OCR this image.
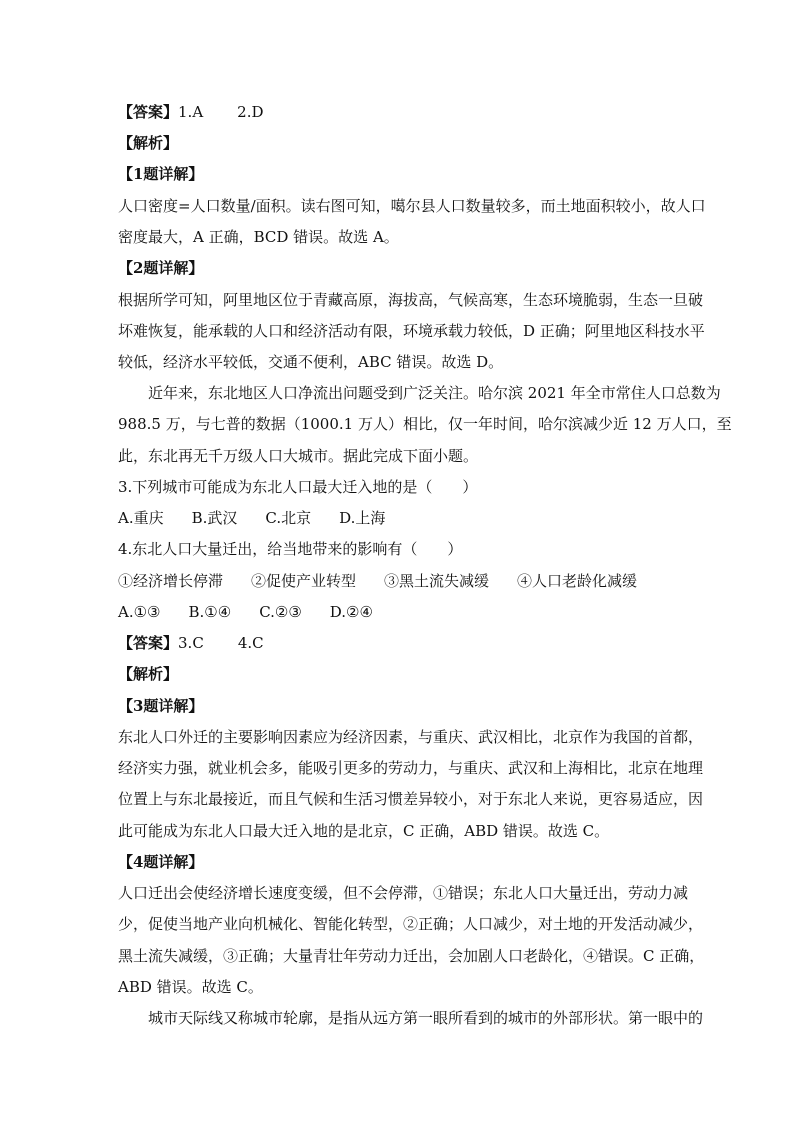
【答案】1.A 2.D
【解析】
【1题详解】
人口密度=人口数量/面积。读右图可知，噶尔县人口数量较多，而土地面积较小，故人口
密度最大，A 正确，BCD 错误。故选 A。
【2题详解】
根据所学可知，阿里地区位于青藏高原，海拔高，气候高寒，生态环境脆弱，生态一旦破
坏难恢复，能承载的人口和经济活动有限，环境承载力较低，D 正确；阿里地区科技水平
较低，经济水平较低，交通不便利，ABC 错误。故选 D。
近年来，东北地区人口净流出问题受到广泛关注。哈尔滨 2021 年全市常住人口总数为
988.5 万，与七普的数据（1000.1 万人）相比，仅一年时间，哈尔滨减少近 12 万人口，至
此，东北再无千万级人口大城市。据此完成下面小题。
3.下列城市可能成为东北人口最大迁入地的是（　　）
A.重庆 B.武汉 C.北京 D.上海
4.东北人口大量迁出，给当地带来的影响有（　　）
①经济增长停滞 ②促使产业转型 ③黑土流失减缓 ④人口老龄化减缓
A.①③ B.①④ C.②③ D.②④
【答案】3.C 4.C
【解析】
【3题详解】
东北人口外迁的主要影响因素应为经济因素，与重庆、武汉相比，北京作为我国的首都，
经济实力强，就业机会多，能吸引更多的劳动力，与重庆、武汉和上海相比，北京在地理
位置上与东北最接近，而且气候和生活习惯差异较小，对于东北人来说，更容易适应，因
此可能成为东北人口最大迁入地的是北京，C 正确，ABD 错误。故选 C。
【4题详解】
人口迁出会使经济增长速度变缓，但不会停滞，①错误；东北人口大量迁出，劳动力减
少，促使当地产业向机械化、智能化转型，②正确；人口减少，对土地的开发活动减少，
黑土流失减缓，③正确；大量青壮年劳动力迁出，会加剧人口老龄化，④错误。C 正确，
ABD 错误。故选 C。
城市天际线又称城市轮廓，是指从远方第一眼所看到的城市的外部形状。第一眼中的
